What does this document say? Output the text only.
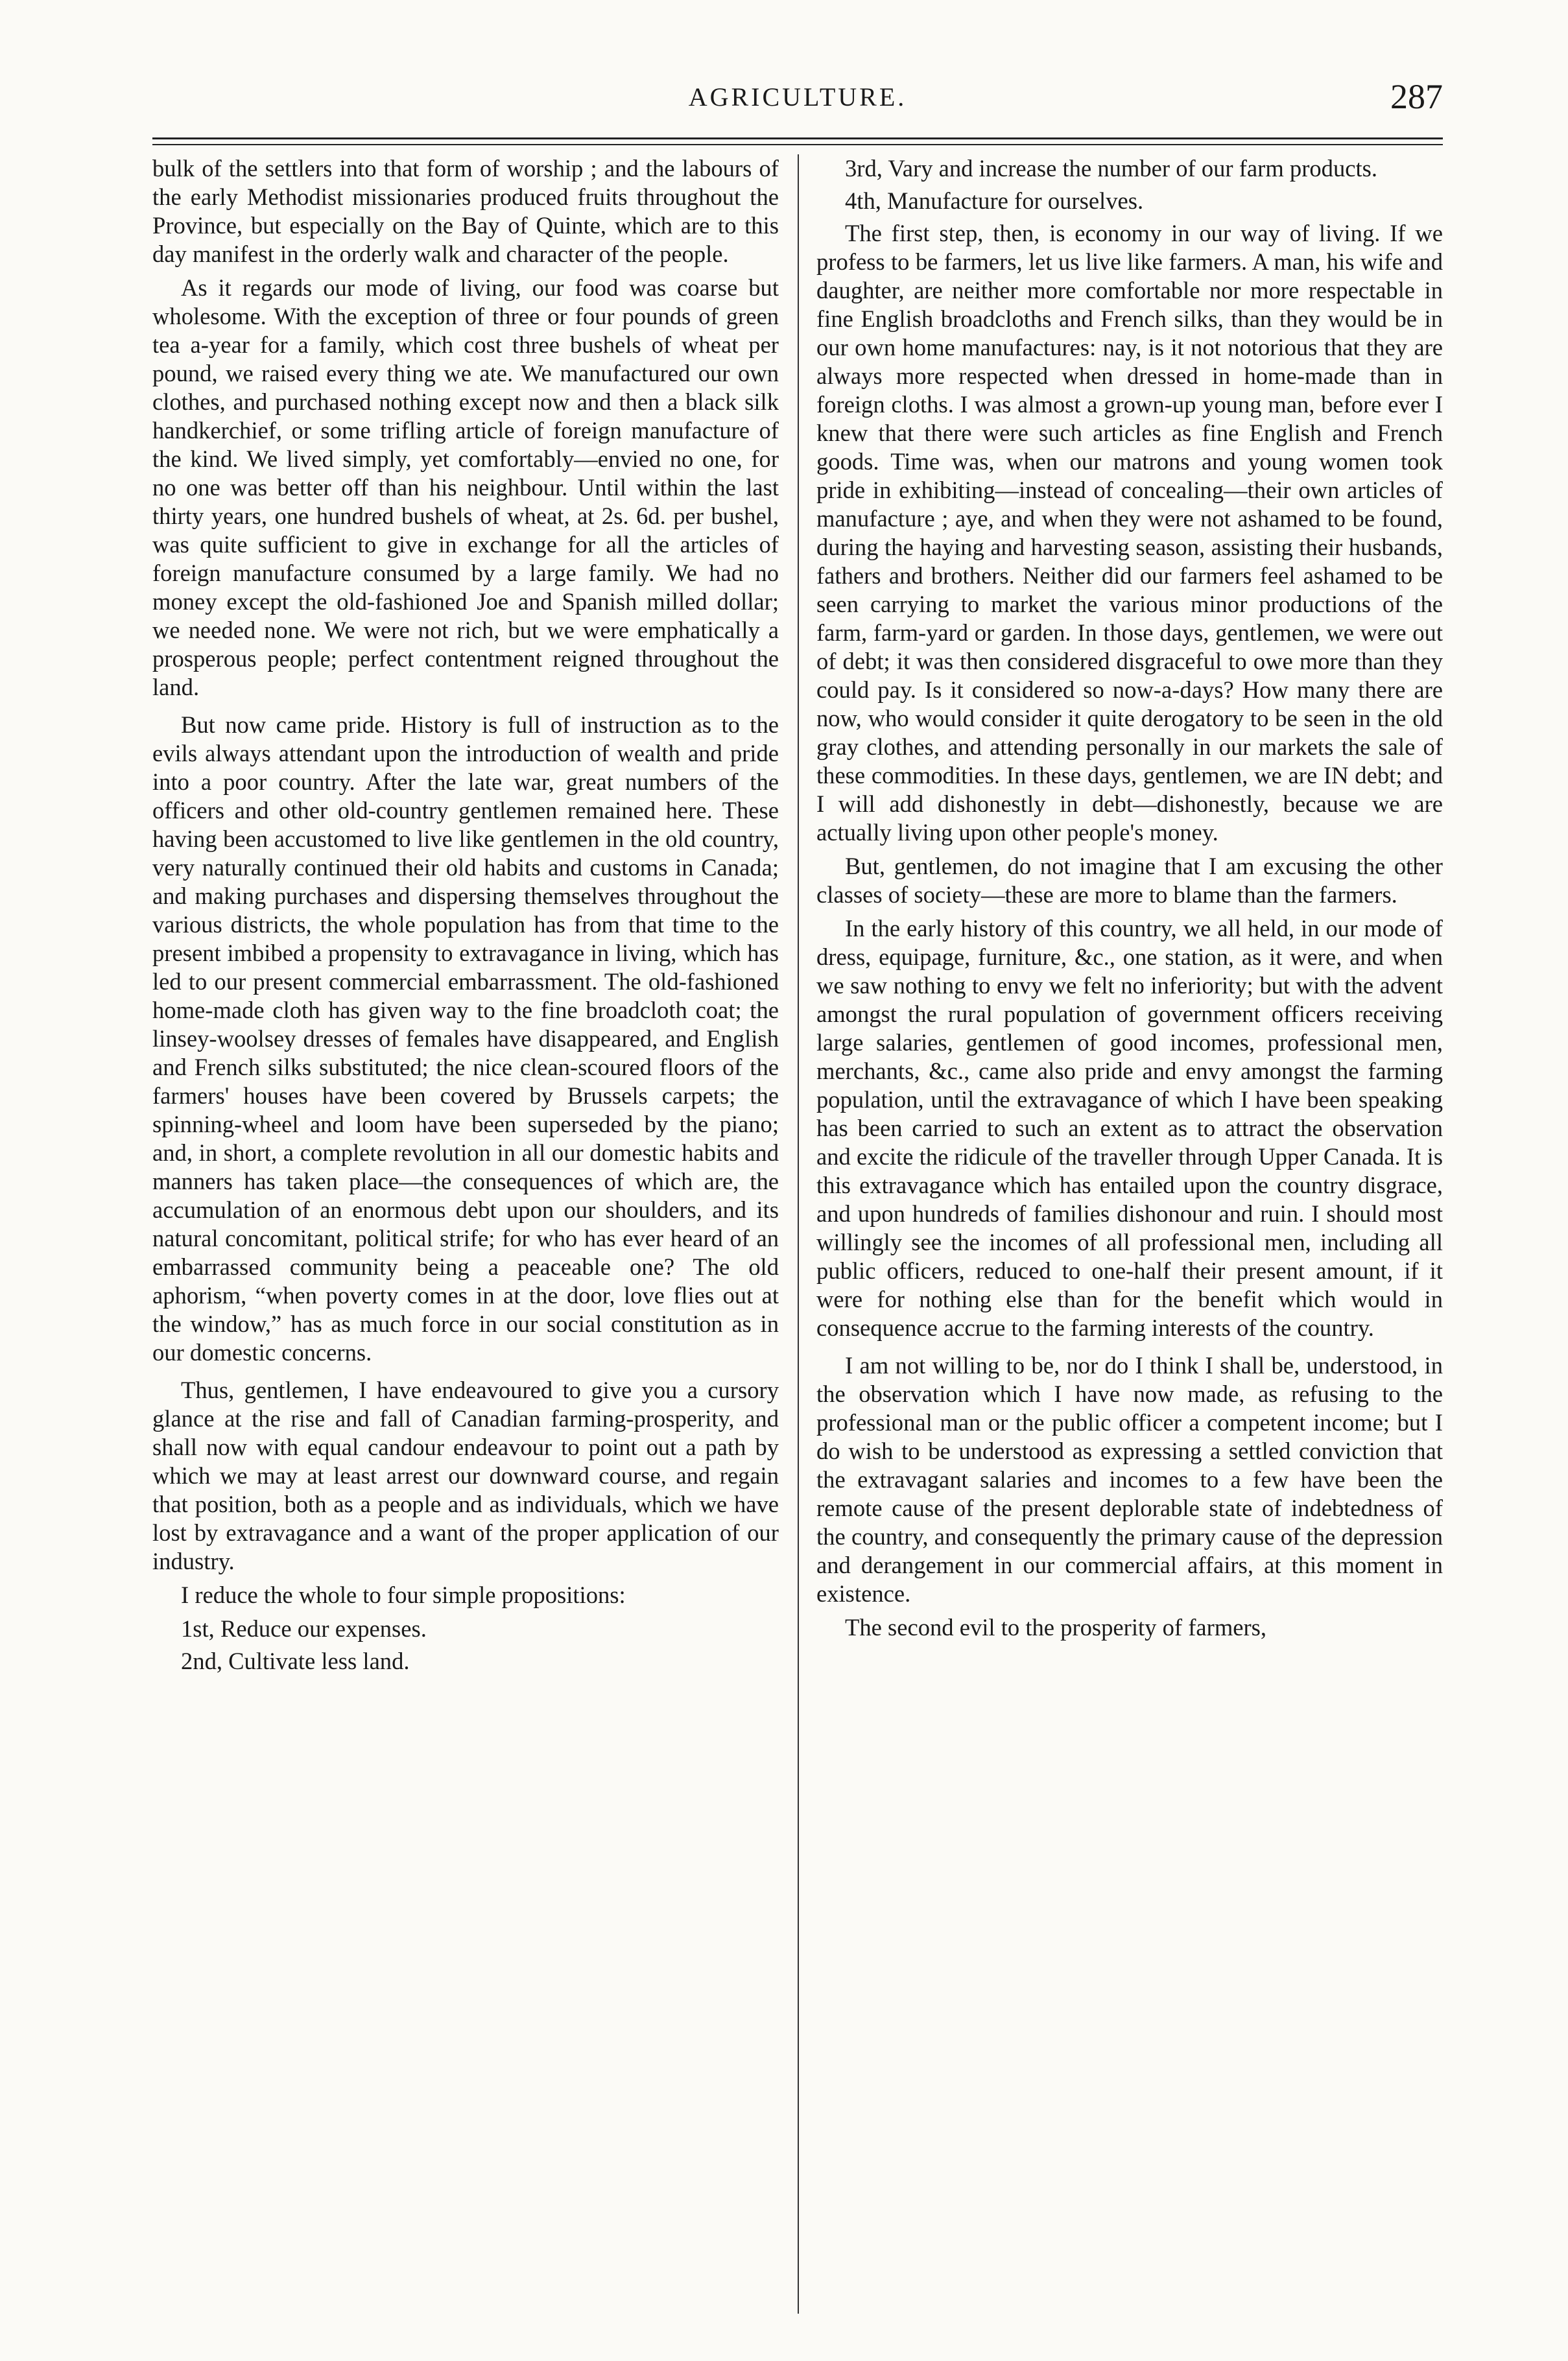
AGRICULTURE.	287

bulk of the settlers into that form of worship ; and the labours of the early Methodist missionaries produced fruits throughout the Province, but especially on the Bay of Quinte, which are to this day manifest in the orderly walk and character of the people.

As it regards our mode of living, our food was coarse but wholesome. With the exception of three or four pounds of green tea a-year for a family, which cost three bushels of wheat per pound, we raised every thing we ate. We manufactured our own clothes, and purchased nothing except now and then a black silk handkerchief, or some trifling article of foreign manufacture of the kind. We lived simply, yet comfortably—envied no one, for no one was better off than his neighbour. Until within the last thirty years, one hundred bushels of wheat, at 2s. 6d. per bushel, was quite sufficient to give in exchange for all the articles of foreign manufacture consumed by a large family. We had no money except the old-fashioned Joe and Spanish milled dollar; we needed none. We were not rich, but we were emphatically a prosperous people; perfect contentment reigned throughout the land.

But now came pride. History is full of instruction as to the evils always attendant upon the introduction of wealth and pride into a poor country. After the late war, great numbers of the officers and other old-country gentlemen remained here. These having been accustomed to live like gentlemen in the old country, very naturally continued their old habits and customs in Canada; and making purchases and dispersing themselves throughout the various districts, the whole population has from that time to the present imbibed a propensity to extravagance in living, which has led to our present commercial embarrassment. The old-fashioned home-made cloth has given way to the fine broadcloth coat; the linsey-woolsey dresses of females have disappeared, and English and French silks substituted; the nice clean-scoured floors of the farmers' houses have been covered by Brussels carpets; the spinning-wheel and loom have been superseded by the piano; and, in short, a complete revolution in all our domestic habits and manners has taken place—the consequences of which are, the accumulation of an enormous debt upon our shoulders, and its natural concomitant, political strife; for who has ever heard of an embarrassed community being a peaceable one? The old aphorism, “when poverty comes in at the door, love flies out at the window,” has as much force in our social constitution as in our domestic concerns.

Thus, gentlemen, I have endeavoured to give you a cursory glance at the rise and fall of Canadian farming-prosperity, and shall now with equal candour endeavour to point out a path by which we may at least arrest our downward course, and regain that position, both as a people and as individuals, which we have lost by extravagance and a want of the proper application of our industry.

I reduce the whole to four simple propositions:

1st, Reduce our expenses.

2nd, Cultivate less land.

3rd, Vary and increase the number of our farm products.

4th, Manufacture for ourselves.

The first step, then, is economy in our way of living. If we profess to be farmers, let us live like farmers. A man, his wife and daughter, are neither more comfortable nor more respectable in fine English broadcloths and French silks, than they would be in our own home manufactures: nay, is it not notorious that they are always more respected when dressed in home-made than in foreign cloths. I was almost a grown-up young man, before ever I knew that there were such articles as fine English and French goods. Time was, when our matrons and young women took pride in exhibiting—instead of concealing—their own articles of manufacture ; aye, and when they were not ashamed to be found, during the haying and harvesting season, assisting their husbands, fathers and brothers. Neither did our farmers feel ashamed to be seen carrying to market the various minor productions of the farm, farm-yard or garden. In those days, gentlemen, we were out of debt; it was then considered disgraceful to owe more than they could pay. Is it considered so now-a-days? How many there are now, who would consider it quite derogatory to be seen in the old gray clothes, and attending personally in our markets the sale of these commodities. In these days, gentlemen, we are IN debt; and I will add dishonestly in debt—dishonestly, because we are actually living upon other people's money.

But, gentlemen, do not imagine that I am excusing the other classes of society—these are more to blame than the farmers.

In the early history of this country, we all held, in our mode of dress, equipage, furniture, &c., one station, as it were, and when we saw nothing to envy we felt no inferiority; but with the advent amongst the rural population of government officers receiving large salaries, gentlemen of good incomes, professional men, merchants, &c., came also pride and envy amongst the farming population, until the extravagance of which I have been speaking has been carried to such an extent as to attract the observation and excite the ridicule of the traveller through Upper Canada. It is this extravagance which has entailed upon the country disgrace, and upon hundreds of families dishonour and ruin. I should most willingly see the incomes of all professional men, including all public officers, reduced to one-half their present amount, if it were for nothing else than for the benefit which would in consequence accrue to the farming interests of the country.

I am not willing to be, nor do I think I shall be, understood, in the observation which I have now made, as refusing to the professional man or the public officer a competent income; but I do wish to be understood as expressing a settled conviction that the extravagant salaries and incomes to a few have been the remote cause of the present deplorable state of indebtedness of the country, and consequently the primary cause of the depression and derangement in our commercial affairs, at this moment in existence.

The second evil to the prosperity of farmers,
